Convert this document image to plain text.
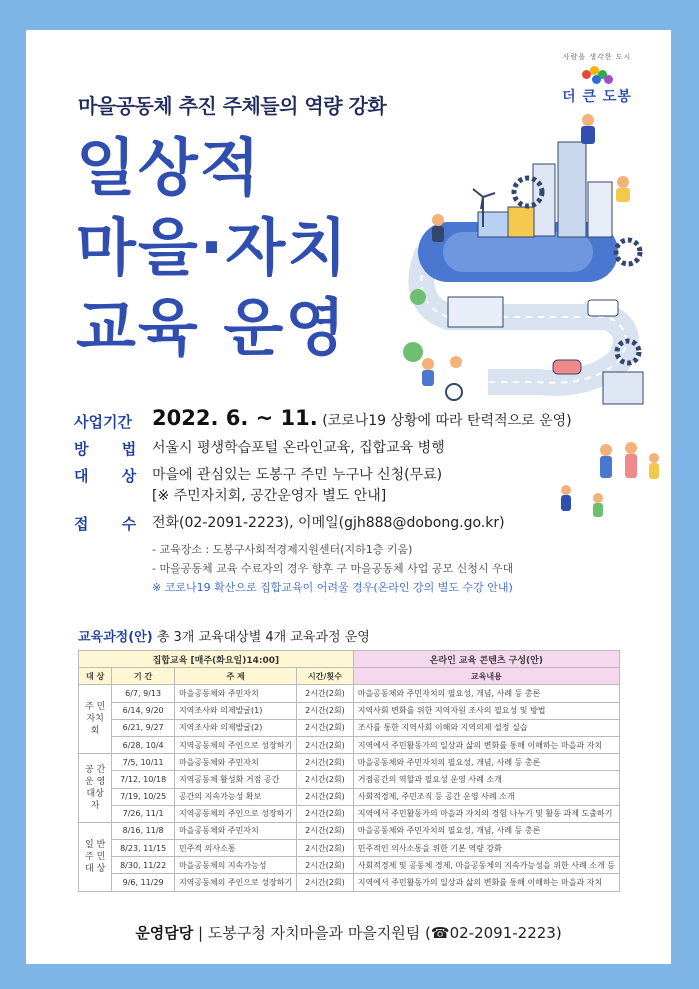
사람을 생각한 도시
더 큰 도봉
마을공동체 추진 주체들의 역량 강화
일상적
마을·자치
교육 운영
사업기간 2022. 6. ~ 11. (코로나19 상황에 따라 탄력적으로 운영)
방 법 서울시 평생학습포털 온라인교육, 집합교육 병행
대 상 마을에 관심있는 도봉구 주민 누구나 신청(무료)
[※ 주민자치회, 공간운영자 별도 안내]
접 수 전화(02-2091-2223), 이메일(gjh888@dobong.go.kr)
- 교육장소 : 도봉구사회적경제지원센터(지하1층 키움)
- 마을공동체 교육 수료자의 경우 향후 구 마을공동체 사업 공모 신청시 우대
※ 코로나19 확산으로 집합교육이 어려울 경우(온라인 강의 별도 수강 안내)
교육과정(안) 총 3개 교육대상별 4개 교육과정 운영
집합교육 [매주(화요일)14:00]				온라인 교육 콘텐츠 구성(안)
대 상	기 간	주 제	시간/횟수	교육내용
주 민
자치회	6/7, 9/13	마을공동체와 주민자치	2시간(2회)	마을공동체와 주민자치의 필요성, 개념, 사례 등 총론
	6/14, 9/20	지역조사와 의제발굴(1)	2시간(2회)	지역사회 변화를 위한 지역자원 조사의 필요성 및 방법
	6/21, 9/27	지역조사와 의제발굴(2)	2시간(2회)	조사를 통한 지역사회 이해와 지역의제 설정 실습
	6/28, 10/4	지역공동체의 주인으로 성장하기	2시간(2회)	지역에서 주민활동가의 일상과 삶의 변화를 통해 이해하는 마을과 자치
공 간
운 영
대상자	7/5, 10/11	마을공동체와 주민자치	2시간(2회)	마을공동체와 주민자치의 필요성, 개념, 사례 등 총론
	7/12, 10/18	지역공동체 활성화 거점 공간	2시간(2회)	거점공간의 역할과 필요성 운영 사례 소개
	7/19, 10/25	공간의 지속가능성 확보	2시간(2회)	사회적경제, 주민조직 등 공간 운영 사례 소개
	7/26, 11/1	지역공동체의 주인으로 성장하기	2시간(2회)	지역에서 주민활동가의 마을과 자치의 경험 나누기 및 활동 과제 도출하기
일 반
주 민
대 상	8/16, 11/8	마을공동체와 주민자치	2시간(2회)	마을공동체와 주민자치의 필요성, 개념, 사례 등 총론
	8/23, 11/15	민주적 의사소통	2시간(2회)	민주적인 의사소통을 위한 기본 역량 강화
	8/30, 11/22	마을공동체의 지속가능성	2시간(2회)	사회적경제 및 공동체 경제, 마을공동체의 지속가능성을 위한 사례 소개 등
	9/6, 11/29	지역공동체의 주인으로 성장하기	2시간(2회)	지역에서 주민활동가의 일상과 삶의 변화를 통해 이해하는 마을과 자치
운영담당 | 도봉구청 자치마을과 마을지원팀 (☎02-2091-2223)
